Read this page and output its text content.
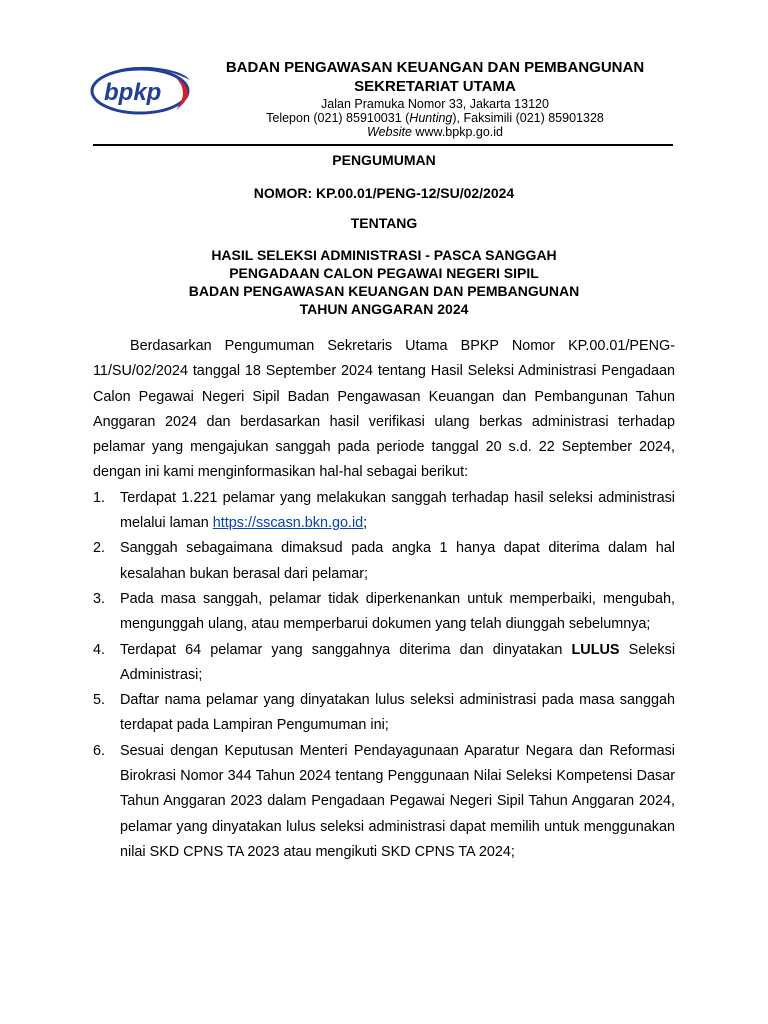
bpkp
BADAN PENGAWASAN KEUANGAN DAN PEMBANGUNAN
SEKRETARIAT UTAMA
Jalan Pramuka Nomor 33, Jakarta 13120
Telepon (021) 85910031 (Hunting), Faksimili (021) 85901328
Website www.bpkp.go.id
PENGUMUMAN
NOMOR: KP.00.01/PENG-12/SU/02/2024
TENTANG
HASIL SELEKSI ADMINISTRASI - PASCA SANGGAH
PENGADAAN CALON PEGAWAI NEGERI SIPIL
BADAN PENGAWASAN KEUANGAN DAN PEMBANGUNAN
TAHUN ANGGARAN 2024

Berdasarkan Pengumuman Sekretaris Utama BPKP Nomor KP.00.01/PENG-11/SU/02/2024 tanggal 18 September 2024 tentang Hasil Seleksi Administrasi Pengadaan Calon Pegawai Negeri Sipil Badan Pengawasan Keuangan dan Pembangunan Tahun Anggaran 2024 dan berdasarkan hasil verifikasi ulang berkas administrasi terhadap pelamar yang mengajukan sanggah pada periode tanggal 20 s.d. 22 September 2024, dengan ini kami menginformasikan hal-hal sebagai berikut:

1. Terdapat 1.221 pelamar yang melakukan sanggah terhadap hasil seleksi administrasi melalui laman https://sscasn.bkn.go.id;
2. Sanggah sebagaimana dimaksud pada angka 1 hanya dapat diterima dalam hal kesalahan bukan berasal dari pelamar;
3. Pada masa sanggah, pelamar tidak diperkenankan untuk memperbaiki, mengubah, mengunggah ulang, atau memperbarui dokumen yang telah diunggah sebelumnya;
4. Terdapat 64 pelamar yang sanggahnya diterima dan dinyatakan LULUS Seleksi Administrasi;
5. Daftar nama pelamar yang dinyatakan lulus seleksi administrasi pada masa sanggah terdapat pada Lampiran Pengumuman ini;
6. Sesuai dengan Keputusan Menteri Pendayagunaan Aparatur Negara dan Reformasi Birokrasi Nomor 344 Tahun 2024 tentang Penggunaan Nilai Seleksi Kompetensi Dasar Tahun Anggaran 2023 dalam Pengadaan Pegawai Negeri Sipil Tahun Anggaran 2024, pelamar yang dinyatakan lulus seleksi administrasi dapat memilih untuk menggunakan nilai SKD CPNS TA 2023 atau mengikuti SKD CPNS TA 2024;
